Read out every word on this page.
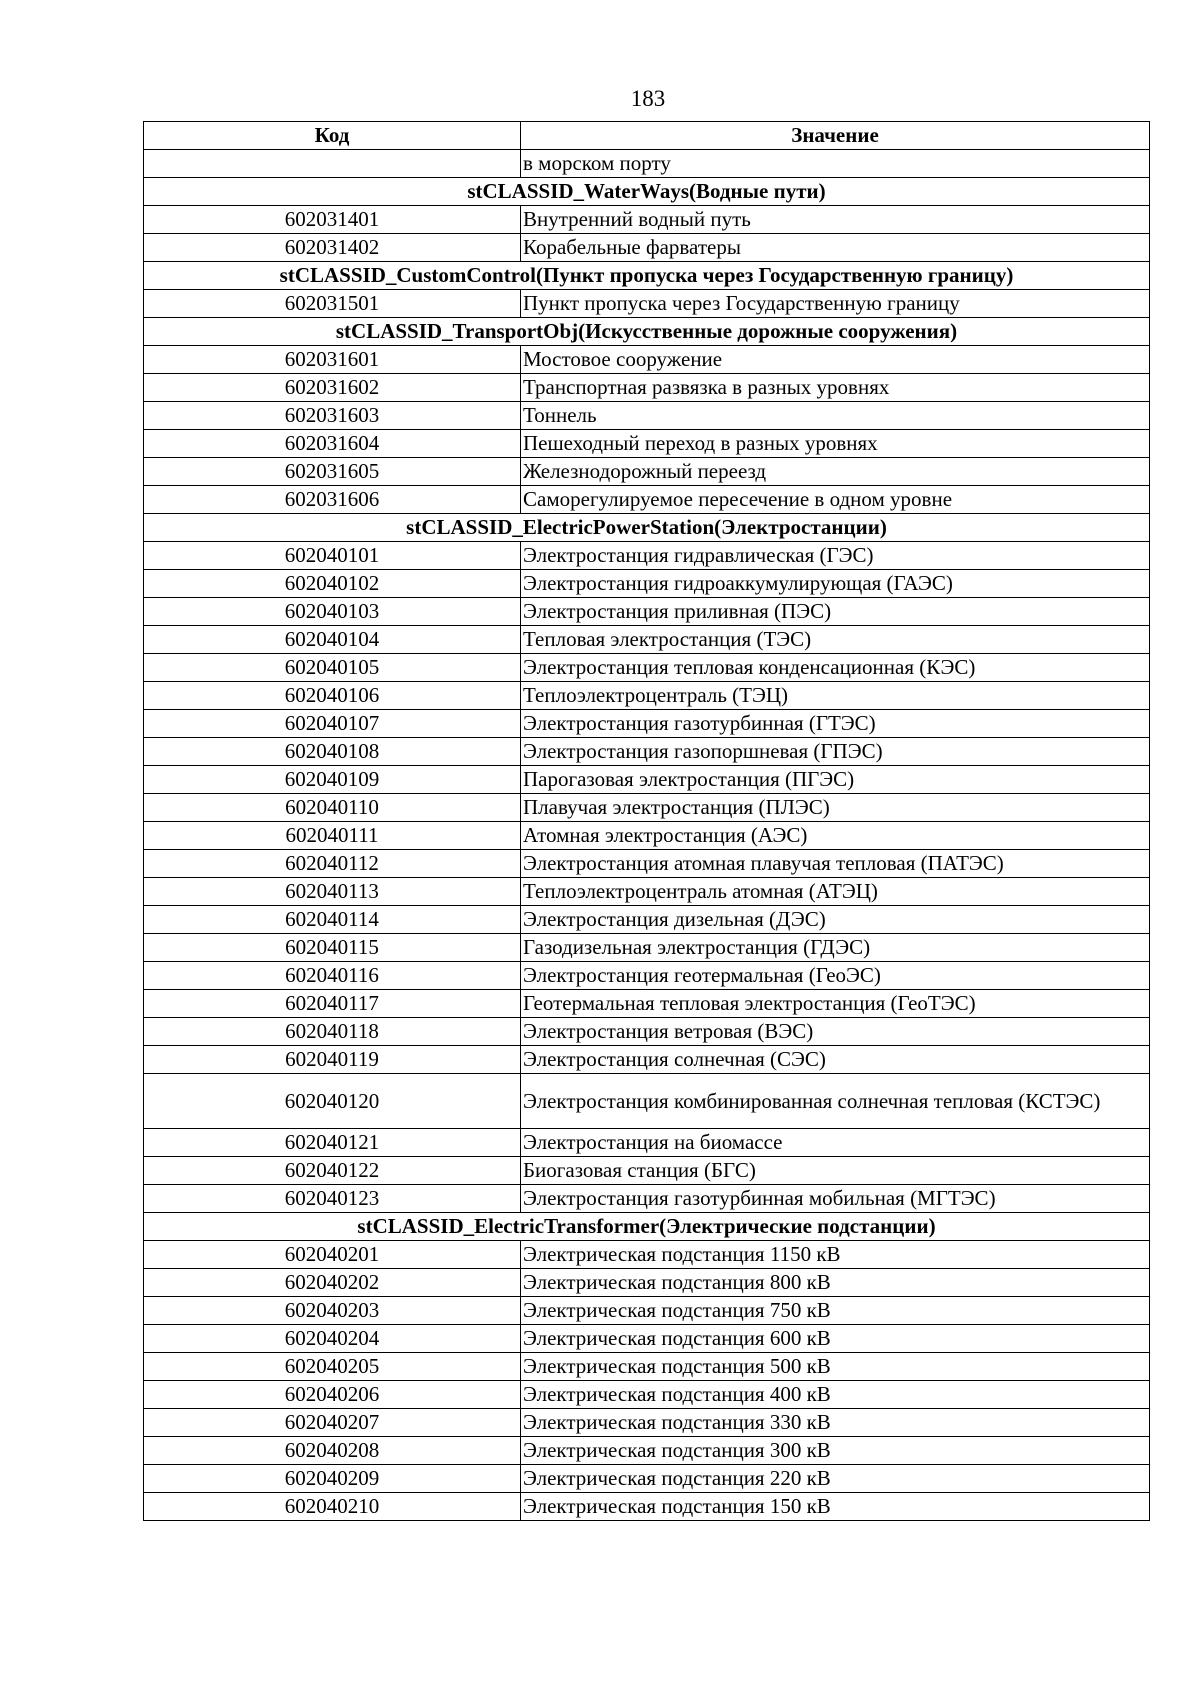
183
Код	Значение
	в морском порту
stCLASSID_WaterWays(Водные пути)	
602031401	Внутренний водный путь
602031402	Корабельные фарватеры
stCLASSID_CustomControl(Пункт пропуска через Государственную границу)	
602031501	Пункт пропуска через Государственную границу
stCLASSID_TransportObj(Искусственные дорожные сооружения)	
602031601	Мостовое сооружение
602031602	Транспортная развязка в разных уровнях
602031603	Тоннель
602031604	Пешеходный переход в разных уровнях
602031605	Железнодорожный переезд
602031606	Саморегулируемое пересечение в одном уровне
stCLASSID_ElectricPowerStation(Электростанции)	
602040101	Электростанция гидравлическая (ГЭС)
602040102	Электростанция гидроаккумулирующая (ГАЭС)
602040103	Электростанция приливная (ПЭС)
602040104	Тепловая электростанция (ТЭС)
602040105	Электростанция тепловая конденсационная (КЭС)
602040106	Теплоэлектроцентраль (ТЭЦ)
602040107	Электростанция газотурбинная (ГТЭС)
602040108	Электростанция газопоршневая (ГПЭС)
602040109	Парогазовая электростанция (ПГЭС)
602040110	Плавучая электростанция (ПЛЭС)
602040111	Атомная электростанция (АЭС)
602040112	Электростанция атомная плавучая тепловая (ПАТЭС)
602040113	Теплоэлектроцентраль атомная (АТЭЦ)
602040114	Электростанция дизельная (ДЭС)
602040115	Газодизельная электростанция (ГДЭС)
602040116	Электростанция геотермальная (ГеоЭС)
602040117	Геотермальная тепловая электростанция (ГеоТЭС)
602040118	Электростанция ветровая (ВЭС)
602040119	Электростанция солнечная (СЭС)
602040120	Электростанция комбинированная солнечная тепловая (КСТЭС)
602040121	Электростанция на биомассе
602040122	Биогазовая станция (БГС)
602040123	Электростанция газотурбинная мобильная (МГТЭС)
stCLASSID_ElectricTransformer(Электрические подстанции)	
602040201	Электрическая подстанция 1150 кВ
602040202	Электрическая подстанция 800 кВ
602040203	Электрическая подстанция 750 кВ
602040204	Электрическая подстанция 600 кВ
602040205	Электрическая подстанция 500 кВ
602040206	Электрическая подстанция 400 кВ
602040207	Электрическая подстанция 330 кВ
602040208	Электрическая подстанция 300 кВ
602040209	Электрическая подстанция 220 кВ
602040210	Электрическая подстанция 150 кВ
